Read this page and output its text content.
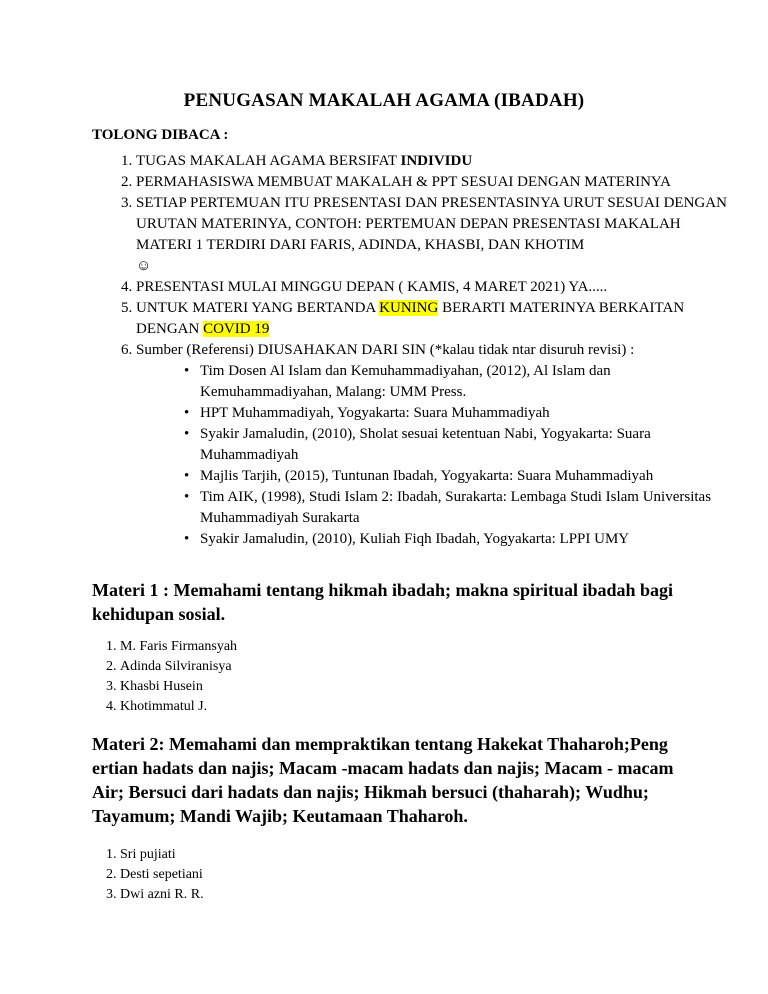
PENUGASAN MAKALAH AGAMA (IBADAH)
TOLONG DIBACA :
1. TUGAS MAKALAH AGAMA BERSIFAT INDIVIDU
2. PERMAHASISWA MEMBUAT MAKALAH & PPT SESUAI DENGAN MATERINYA
3. SETIAP PERTEMUAN ITU PRESENTASI DAN PRESENTASINYA URUT SESUAI DENGAN URUTAN MATERINYA, CONTOH: PERTEMUAN DEPAN PRESENTASI MAKALAH MATERI 1 TERDIRI DARI FARIS, ADINDA, KHASBI, DAN KHOTIM
☺
4. PRESENTASI MULAI MINGGU DEPAN ( KAMIS, 4 MARET 2021) YA.....
5. UNTUK MATERI YANG BERTANDA KUNING BERARTI MATERINYA BERKAITAN DENGAN COVID 19
6. Sumber (Referensi) DIUSAHAKAN DARI SIN (*kalau tidak ntar disuruh revisi) :
• Tim Dosen Al Islam dan Kemuhammadiyahan, (2012), Al Islam dan Kemuhammadiyahan, Malang: UMM Press.
• HPT Muhammadiyah, Yogyakarta: Suara Muhammadiyah
• Syakir Jamaludin, (2010), Sholat sesuai ketentuan Nabi, Yogyakarta: Suara Muhammadiyah
• Majlis Tarjih, (2015), Tuntunan Ibadah, Yogyakarta: Suara Muhammadiyah
• Tim AIK, (1998), Studi Islam 2: Ibadah, Surakarta: Lembaga Studi Islam Universitas Muhammadiyah Surakarta
• Syakir Jamaludin, (2010), Kuliah Fiqh Ibadah, Yogyakarta: LPPI UMY
Materi 1 : Memahami tentang hikmah ibadah; makna spiritual ibadah bagi kehidupan sosial.
1. M. Faris Firmansyah
2. Adinda Silviranisya
3. Khasbi Husein
4. Khotimmatul J.
Materi 2: Memahami dan mempraktikan tentang Hakekat Thaharoh;Peng ertian hadats dan najis; Macam -macam hadats dan najis; Macam - macam Air; Bersuci dari hadats dan najis; Hikmah bersuci (thaharah); Wudhu; Tayamum; Mandi Wajib; Keutamaan Thaharoh.
1. Sri pujiati
2. Desti sepetiani
3. Dwi azni R. R.
